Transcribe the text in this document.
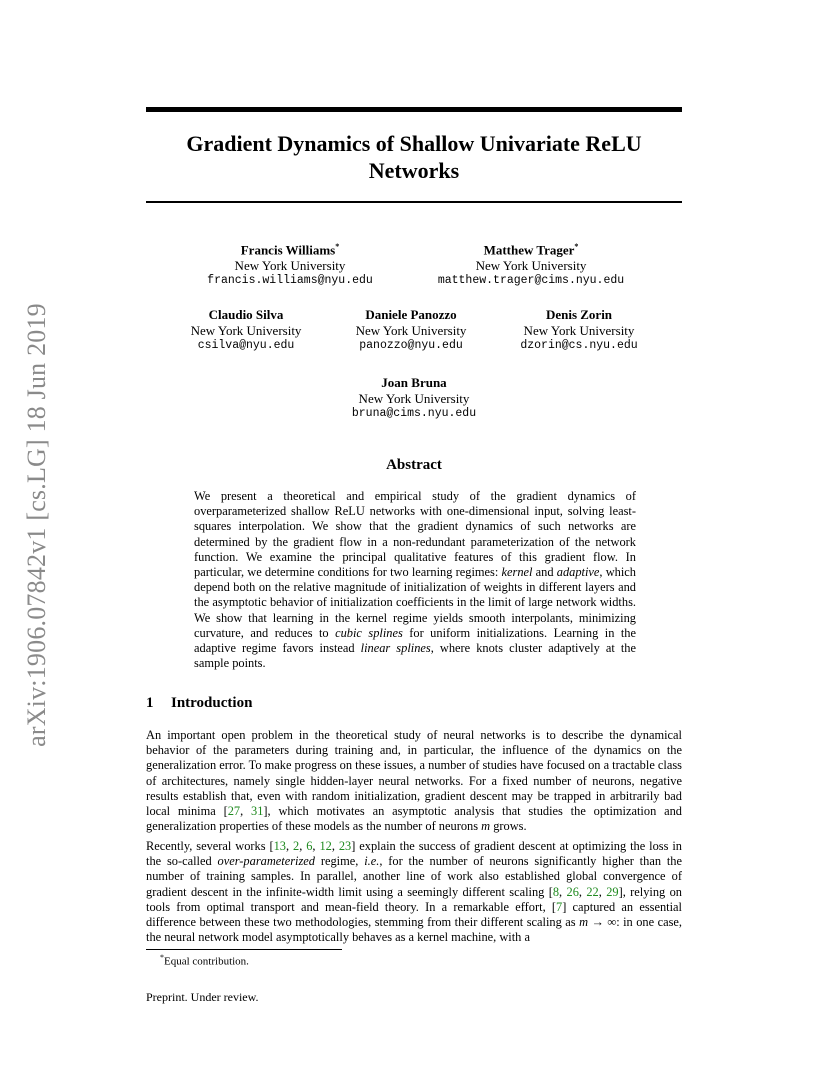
arXiv:1906.07842v1 [cs.LG] 18 Jun 2019
Gradient Dynamics of Shallow Univariate ReLU Networks
Francis Williams*
New York University
francis.williams@nyu.edu
Matthew Trager*
New York University
matthew.trager@cims.nyu.edu
Claudio Silva
New York University
csilva@nyu.edu
Daniele Panozzo
New York University
panozzo@nyu.edu
Denis Zorin
New York University
dzorin@cs.nyu.edu
Joan Bruna
New York University
bruna@cims.nyu.edu
Abstract
We present a theoretical and empirical study of the gradient dynamics of overparameterized shallow ReLU networks with one-dimensional input, solving least-squares interpolation. We show that the gradient dynamics of such networks are determined by the gradient flow in a non-redundant parameterization of the network function. We examine the principal qualitative features of this gradient flow. In particular, we determine conditions for two learning regimes: kernel and adaptive, which depend both on the relative magnitude of initialization of weights in different layers and the asymptotic behavior of initialization coefficients in the limit of large network widths. We show that learning in the kernel regime yields smooth interpolants, minimizing curvature, and reduces to cubic splines for uniform initializations. Learning in the adaptive regime favors instead linear splines, where knots cluster adaptively at the sample points.
1 Introduction
An important open problem in the theoretical study of neural networks is to describe the dynamical behavior of the parameters during training and, in particular, the influence of the dynamics on the generalization error. To make progress on these issues, a number of studies have focused on a tractable class of architectures, namely single hidden-layer neural networks. For a fixed number of neurons, negative results establish that, even with random initialization, gradient descent may be trapped in arbitrarily bad local minima [27, 31], which motivates an asymptotic analysis that studies the optimization and generalization properties of these models as the number of neurons m grows.
Recently, several works [13, 2, 6, 12, 23] explain the success of gradient descent at optimizing the loss in the so-called over-parameterized regime, i.e., for the number of neurons significantly higher than the number of training samples. In parallel, another line of work also established global convergence of gradient descent in the infinite-width limit using a seemingly different scaling [8, 26, 22, 29], relying on tools from optimal transport and mean-field theory. In a remarkable effort, [7] captured an essential difference between these two methodologies, stemming from their different scaling as m → ∞: in one case, the neural network model asymptotically behaves as a kernel machine, with a
*Equal contribution.
Preprint. Under review.
